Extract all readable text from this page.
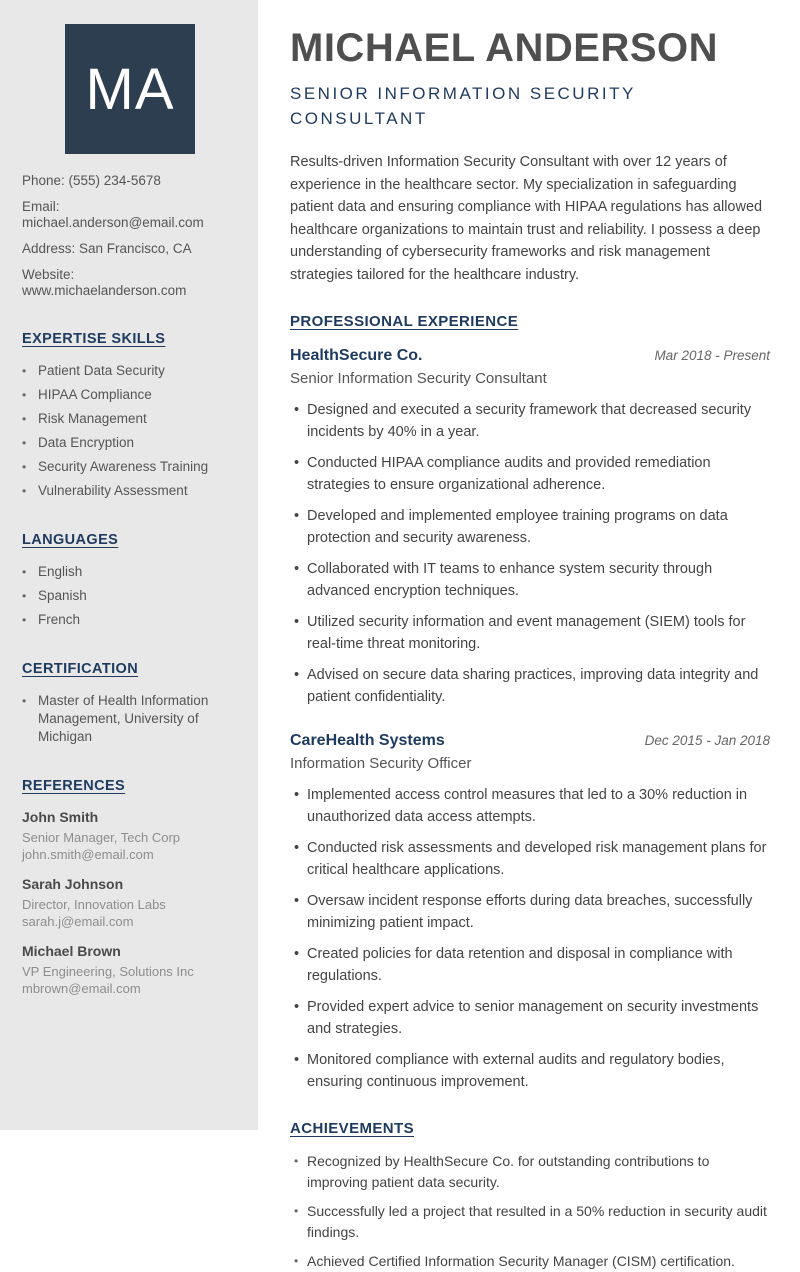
MA
Phone: (555) 234-5678
Email: michael.anderson@email.com
Address: San Francisco, CA
Website: www.michaelanderson.com
EXPERTISE SKILLS
• Patient Data Security
• HIPAA Compliance
• Risk Management
• Data Encryption
• Security Awareness Training
• Vulnerability Assessment
LANGUAGES
• English
• Spanish
• French
CERTIFICATION
• Master of Health Information Management, University of Michigan
REFERENCES
John Smith
Senior Manager, Tech Corp
john.smith@email.com
Sarah Johnson
Director, Innovation Labs
sarah.j@email.com
Michael Brown
VP Engineering, Solutions Inc
mbrown@email.com
MICHAEL ANDERSON
SENIOR INFORMATION SECURITY CONSULTANT

Results-driven Information Security Consultant with over 12 years of experience in the healthcare sector. My specialization in safeguarding patient data and ensuring compliance with HIPAA regulations has allowed healthcare organizations to maintain trust and reliability. I possess a deep understanding of cybersecurity frameworks and risk management strategies tailored for the healthcare industry.

PROFESSIONAL EXPERIENCE
HealthSecure Co.	Mar 2018 - Present
Senior Information Security Consultant
• Designed and executed a security framework that decreased security incidents by 40% in a year.
• Conducted HIPAA compliance audits and provided remediation strategies to ensure organizational adherence.
• Developed and implemented employee training programs on data protection and security awareness.
• Collaborated with IT teams to enhance system security through advanced encryption techniques.
• Utilized security information and event management (SIEM) tools for real-time threat monitoring.
• Advised on secure data sharing practices, improving data integrity and patient confidentiality.
CareHealth Systems	Dec 2015 - Jan 2018
Information Security Officer
• Implemented access control measures that led to a 30% reduction in unauthorized data access attempts.
• Conducted risk assessments and developed risk management plans for critical healthcare applications.
• Oversaw incident response efforts during data breaches, successfully minimizing patient impact.
• Created policies for data retention and disposal in compliance with regulations.
• Provided expert advice to senior management on security investments and strategies.
• Monitored compliance with external audits and regulatory bodies, ensuring continuous improvement.
ACHIEVEMENTS
• Recognized by HealthSecure Co. for outstanding contributions to improving patient data security.
• Successfully led a project that resulted in a 50% reduction in security audit findings.
• Achieved Certified Information Security Manager (CISM) certification.
